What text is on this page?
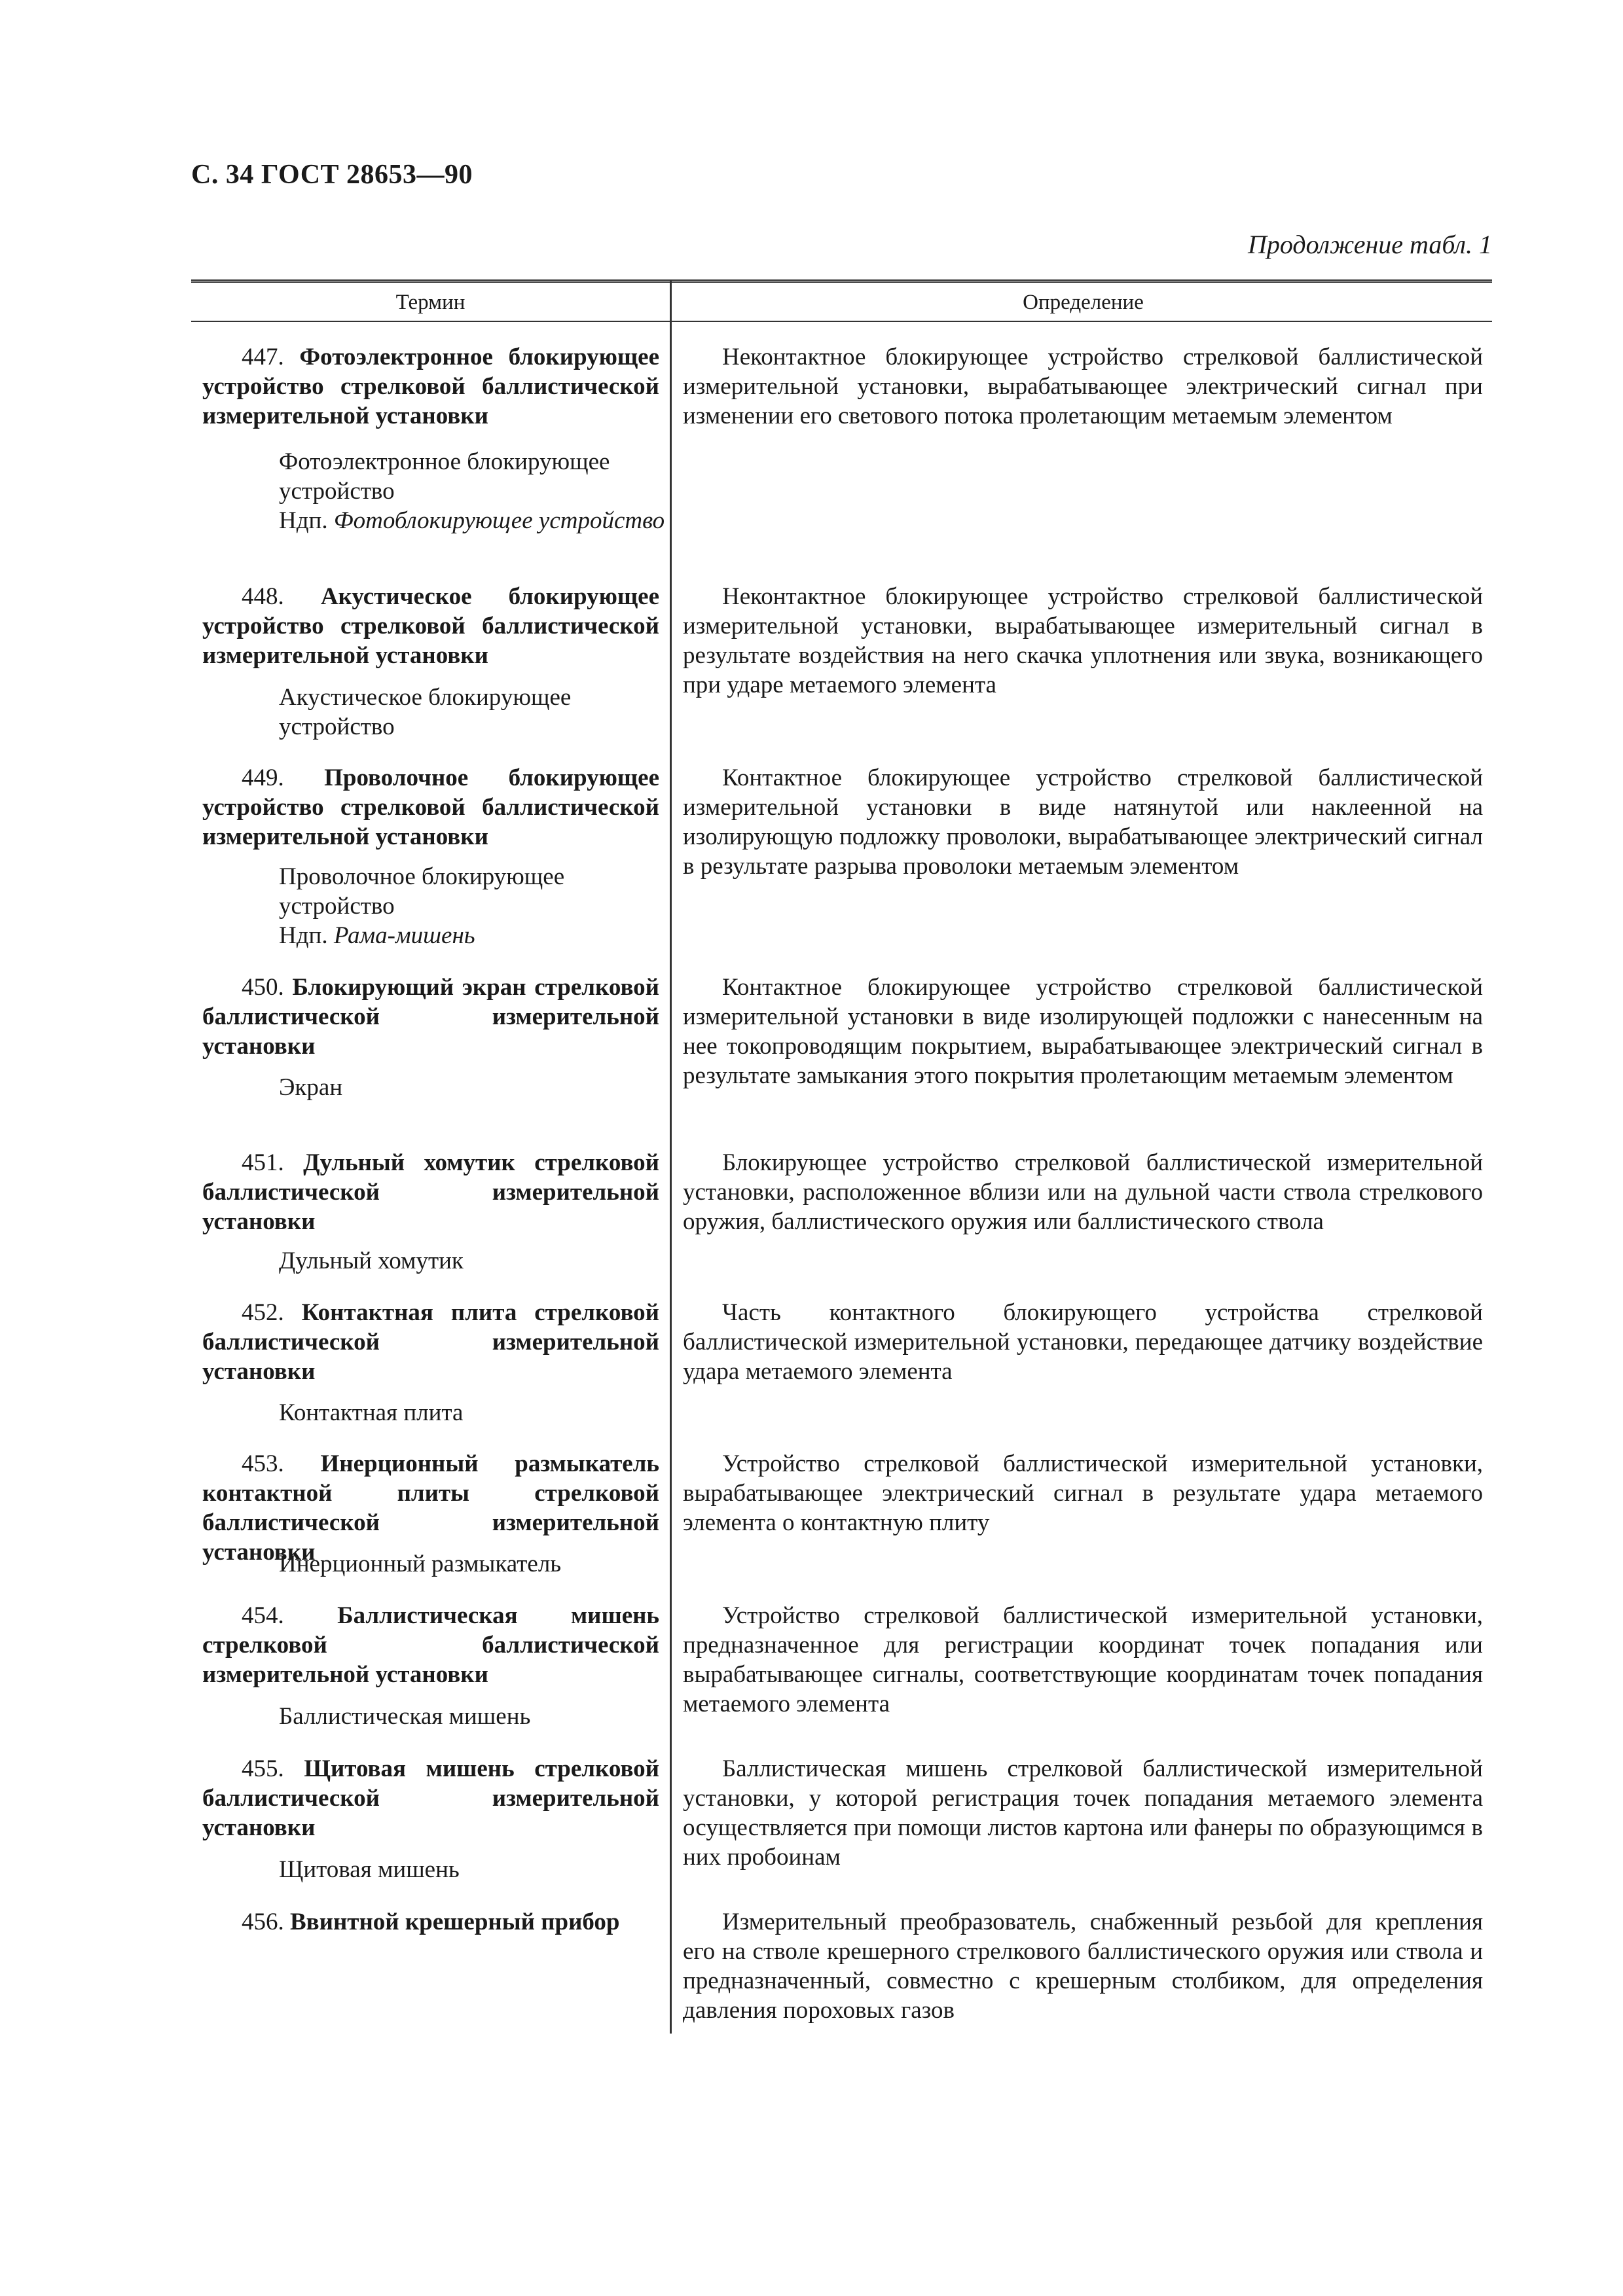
С. 34 ГОСТ 28653—90
Продолжение табл. 1
Термин	Определение
447. Фотоэлектронное блокирующее устройство стрелковой баллистической измерительной установки
Фотоэлектронное блокирующее устройство
Ндп. Фотоблокирующее устройство
Неконтактное блокирующее устройство стрелковой баллистической измерительной установки, вырабатывающее электрический сигнал при изменении его светового потока пролетающим метаемым элементом
448. Акустическое блокирующее устройство стрелковой баллистической измерительной установки
Акустическое блокирующее устройство
Неконтактное блокирующее устройство стрелковой баллистической измерительной установки, вырабатывающее измерительный сигнал в результате воздействия на него скачка уплотнения или звука, возникающего при ударе метаемого элемента
449. Проволочное блокирующее устройство стрелковой баллистической измерительной установки
Проволочное блокирующее устройство
Ндп. Рама-мишень
Контактное блокирующее устройство стрелковой баллистической измерительной установки в виде натянутой или наклеенной на изолирующую подложку проволоки, вырабатывающее электрический сигнал в результате разрыва проволоки метаемым элементом
450. Блокирующий экран стрелковой баллистической измерительной установки
Экран
Контактное блокирующее устройство стрелковой баллистической измерительной установки в виде изолирующей подложки с нанесенным на нее токопроводящим покрытием, вырабатывающее электрический сигнал в результате замыкания этого покрытия пролетающим метаемым элементом
451. Дульный хомутик стрелковой баллистической измерительной установки
Дульный хомутик
Блокирующее устройство стрелковой баллистической измерительной установки, расположенное вблизи или на дульной части ствола стрелкового оружия, баллистического оружия или баллистического ствола
452. Контактная плита стрелковой баллистической измерительной установки
Контактная плита
Часть контактного блокирующего устройства стрелковой баллистической измерительной установки, передающее датчику воздействие удара метаемого элемента
453. Инерционный размыкатель контактной плиты стрелковой баллистической измерительной установки
Инерционный размыкатель
Устройство стрелковой баллистической измерительной установки, вырабатывающее электрический сигнал в результате удара метаемого элемента о контактную плиту
454. Баллистическая мишень стрелковой баллистической измерительной установки
Баллистическая мишень
Устройство стрелковой баллистической измерительной установки, предназначенное для регистрации координат точек попадания или вырабатывающее сигналы, соответствующие координатам точек попадания метаемого элемента
455. Щитовая мишень стрелковой баллистической измерительной установки
Щитовая мишень
Баллистическая мишень стрелковой баллистической измерительной установки, у которой регистрация точек попадания метаемого элемента осуществляется при помощи листов картона или фанеры по образующимся в них пробоинам
456. Ввинтной крешерный прибор	Измерительный преобразователь, снабженный резьбой для крепления его на стволе крешерного стрелкового баллистического оружия или ствола и предназначенный, совместно с крешерным столбиком, для определения давления пороховых газов
